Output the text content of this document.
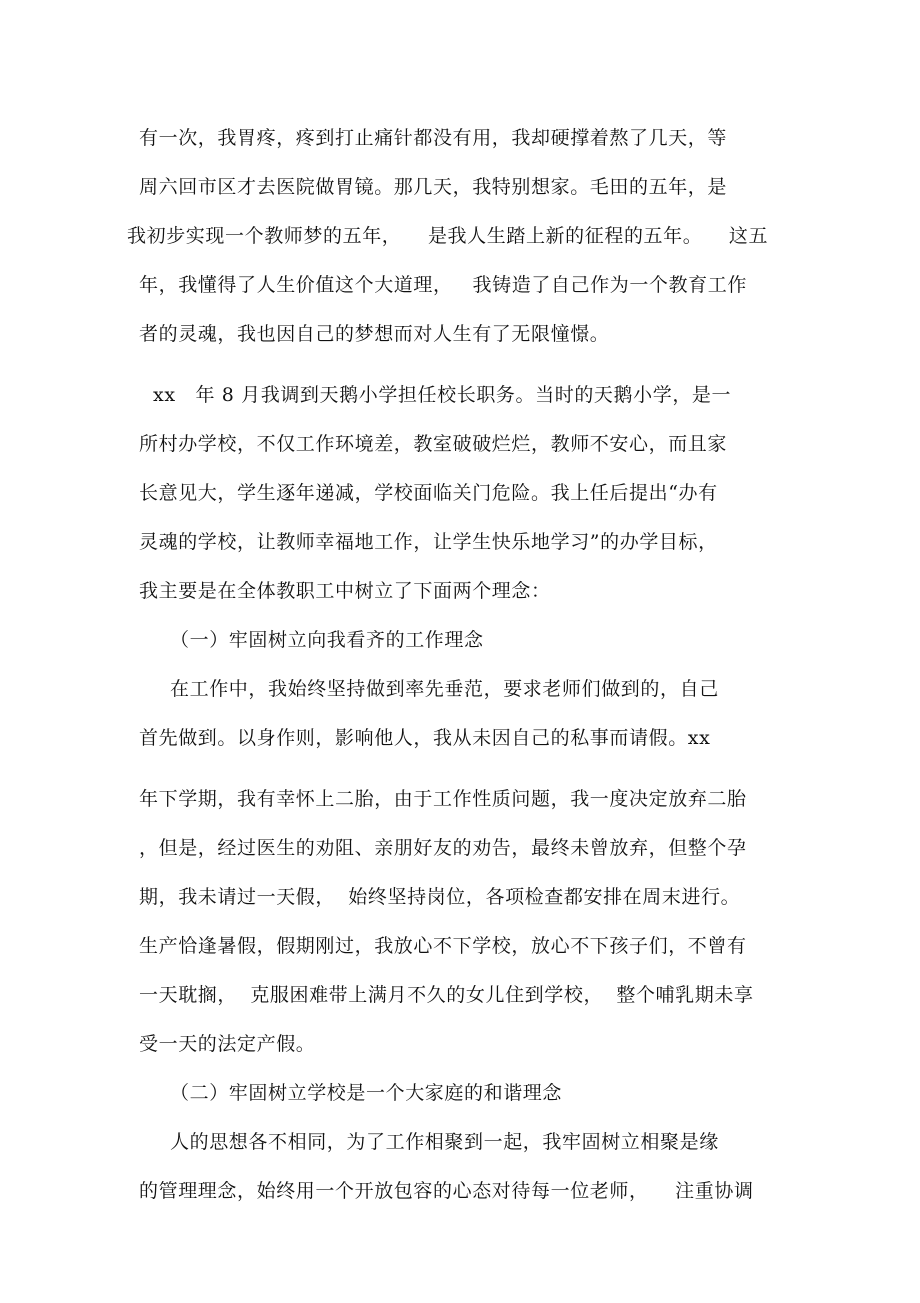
有一次，我胃疼，疼到打止痛针都没有用，我却硬撑着熬了几天，等
周六回市区才去医院做胃镜。那几天，我特别想家。毛田的五年，是
我初步实现一个教师梦的五年，    是我人生踏上新的征程的五年。    这五
年，我懂得了人生价值这个大道理，   我铸造了自己作为一个教育工作
者的灵魂，我也因自己的梦想而对人生有了无限憧憬。
xx   年 8 月我调到天鹅小学担任校长职务。当时的天鹅小学，是一
所村办学校，不仅工作环境差，教室破破烂烂，教师不安心，而且家
长意见大，学生逐年递减，学校面临关门危险。我上任后提出“办有
灵魂的学校，让教师幸福地工作，让学生快乐地学习”的办学目标，
我主要是在全体教职工中树立了下面两个理念：
（一）牢固树立向我看齐的工作理念
在工作中，我始终坚持做到率先垂范，要求老师们做到的，自己
首先做到。以身作则，影响他人，我从未因自己的私事而请假。xx
年下学期，我有幸怀上二胎，由于工作性质问题，我一度决定放弃二胎
，但是，经过医生的劝阻、亲朋好友的劝告，最终未曾放弃，但整个孕
期，我未请过一天假，  始终坚持岗位，各项检查都安排在周末进行。
生产恰逢暑假，假期刚过，我放心不下学校，放心不下孩子们，不曾有
一天耽搁，  克服困难带上满月不久的女儿住到学校，  整个哺乳期未享
受一天的法定产假。
（二）牢固树立学校是一个大家庭的和谐理念
人的思想各不相同，为了工作相聚到一起，我牢固树立相聚是缘
的管理理念，始终用一个开放包容的心态对待每一位老师，    注重协调
